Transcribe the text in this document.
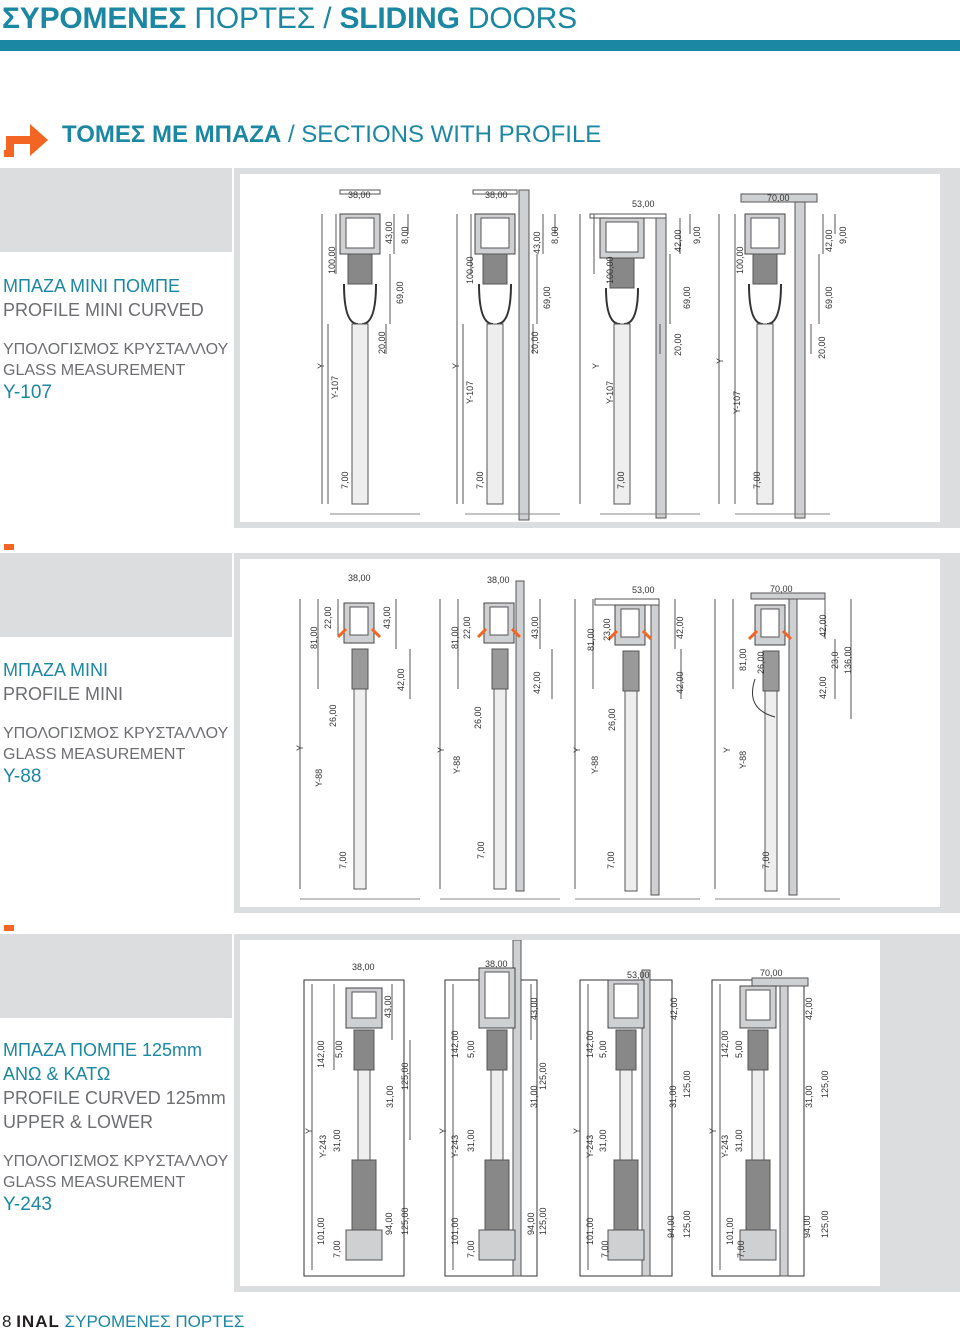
ΣΥΡΟΜΕΝΕΣ ΠΟΡΤΕΣ / SLIDING DOORS
ΤΟΜΕΣ ΜΕ ΜΠΑΖΑ / SECTIONS WITH PROFILE
ΜΠΑΖΑ MINI ΠΟΜΠΕ
PROFILE MINI CURVED
ΥΠΟΛΟΓΙΣΜΟΣ ΚΡΥΣΤΑΛΛΟΥ
GLASS MEASUREMENT
Y-107
38,00	38,00
53,00
70,00
100,00	100,00	100,00	100,00
43,00 8,00	43,00 8,00	42,00 9,00	42,00 9,00
69,00	69,00	69,00	69,00
20,00	20,00	20,00	20,00
Y	Y	Y
Y
Y-107	Y-107	Y-107	Y-107
7,00	7,00	7,00	7,00
ΜΠΑΖΑ MINI
PROFILE MINI
ΥΠΟΛΟΓΙΣΜΟΣ ΚΡΥΣΤΑΛΛΟΥ
GLASS MEASUREMENT
Y-88
38,00	38,00
53,00	70,00
81,00	81,00	81,00
81,00
22,00	22,00	23,00
26,00
43,00	43,00	42,00	42,00
42,00	42,00	42,00	42,00
26,00	26,00	26,00
23,0 136,00
Y	Y	Y	Y
Y-88
Y-88	Y-88	Y-88
7,00
7,00
7,00	7,00
ΜΠΑΖΑ ΠΟΜΠΕ 125mm
ΑΝΩ & ΚΑΤΩ
PROFILE CURVED 125mm
UPPER & LOWER
ΥΠΟΛΟΓΙΣΜΟΣ ΚΡΥΣΤΑΛΛΟΥ
GLASS MEASUREMENT
Y-243
38,00	38,00
53,00	70,00
142,00	142,00	142,00	142,00
5,00	5,00	5,00	5,00
43,00	43,00	42,00	42,00
31,00	31,00	31,00	31,00
125,00	125,00	125,00	125,00
31,00	31,00	31,00	31,00
Y	Y	Y	Y
Y-243	Y-243	Y-243	Y-243
101,00	101,00	101,00	101,00
7,00	7,00	7,00	7,00
94,00	94,00	94,00	94,00
125,00	125,00	125,00	125,00
8 INAL ΣΥΡΟΜΕΝΕΣ ΠΟΡΤΕΣ
